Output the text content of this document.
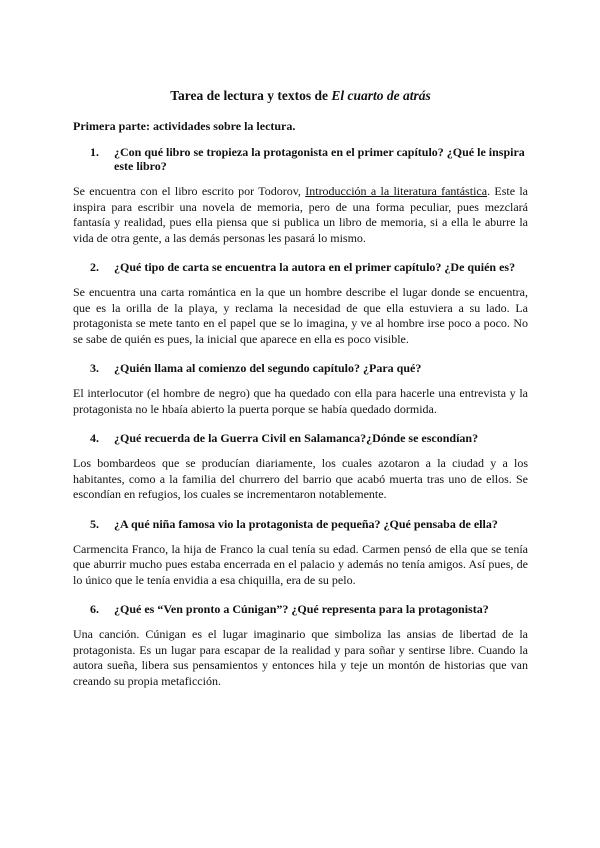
Tarea de lectura y textos de El cuarto de atrás
Primera parte: actividades sobre la lectura.
1.	¿Con qué libro se tropieza la protagonista en el primer capítulo? ¿Qué le inspira este libro?

Se encuentra con el libro escrito por Todorov, Introducción a la literatura fantástica. Este la inspira para escribir una novela de memoria, pero de una forma peculiar, pues mezclará fantasía y realidad, pues ella piensa que si publica un libro de memoria, si a ella le aburre la vida de otra gente, a las demás personas les pasará lo mismo.

2.	¿Qué tipo de carta se encuentra la autora en el primer capítulo? ¿De quién es?

Se encuentra una carta romántica en la que un hombre describe el lugar donde se encuentra, que es la orilla de la playa, y reclama la necesidad de que ella estuviera a su lado. La protagonista se mete tanto en el papel que se lo imagina, y ve al hombre irse poco a poco. No se sabe de quién es pues, la inicial que aparece en ella es poco visible.

3.	¿Quién llama al comienzo del segundo capítulo? ¿Para qué?

El interlocutor (el hombre de negro) que ha quedado con ella para hacerle una entrevista y la protagonista no le hbaía abierto la puerta porque se había quedado dormida.

4.	¿Qué recuerda de la Guerra Civil en Salamanca?¿Dónde se escondían?

Los bombardeos que se producían diariamente, los cuales azotaron a la ciudad y a los habitantes, como a la familia del churrero del barrio que acabó muerta tras uno de ellos. Se escondían en refugios, los cuales se incrementaron notablemente.

5.	¿A qué niña famosa vio la protagonista de pequeña? ¿Qué pensaba de ella?

Carmencita Franco, la hija de Franco la cual tenía su edad. Carmen pensó de ella que se tenía que aburrir mucho pues estaba encerrada en el palacio y además no tenía amigos. Así pues, de lo único que le tenía envidia a esa chiquilla, era de su pelo.

6.	¿Qué es “Ven pronto a Cúnigan”? ¿Qué representa para la protagonista?

Una canción. Cúnigan es el lugar imaginario que simboliza las ansias de libertad de la protagonista. Es un lugar para escapar de la realidad y para soñar y sentirse libre. Cuando la autora sueña, libera sus pensamientos y entonces hila y teje un montón de historias que van creando su propia metaficción.
